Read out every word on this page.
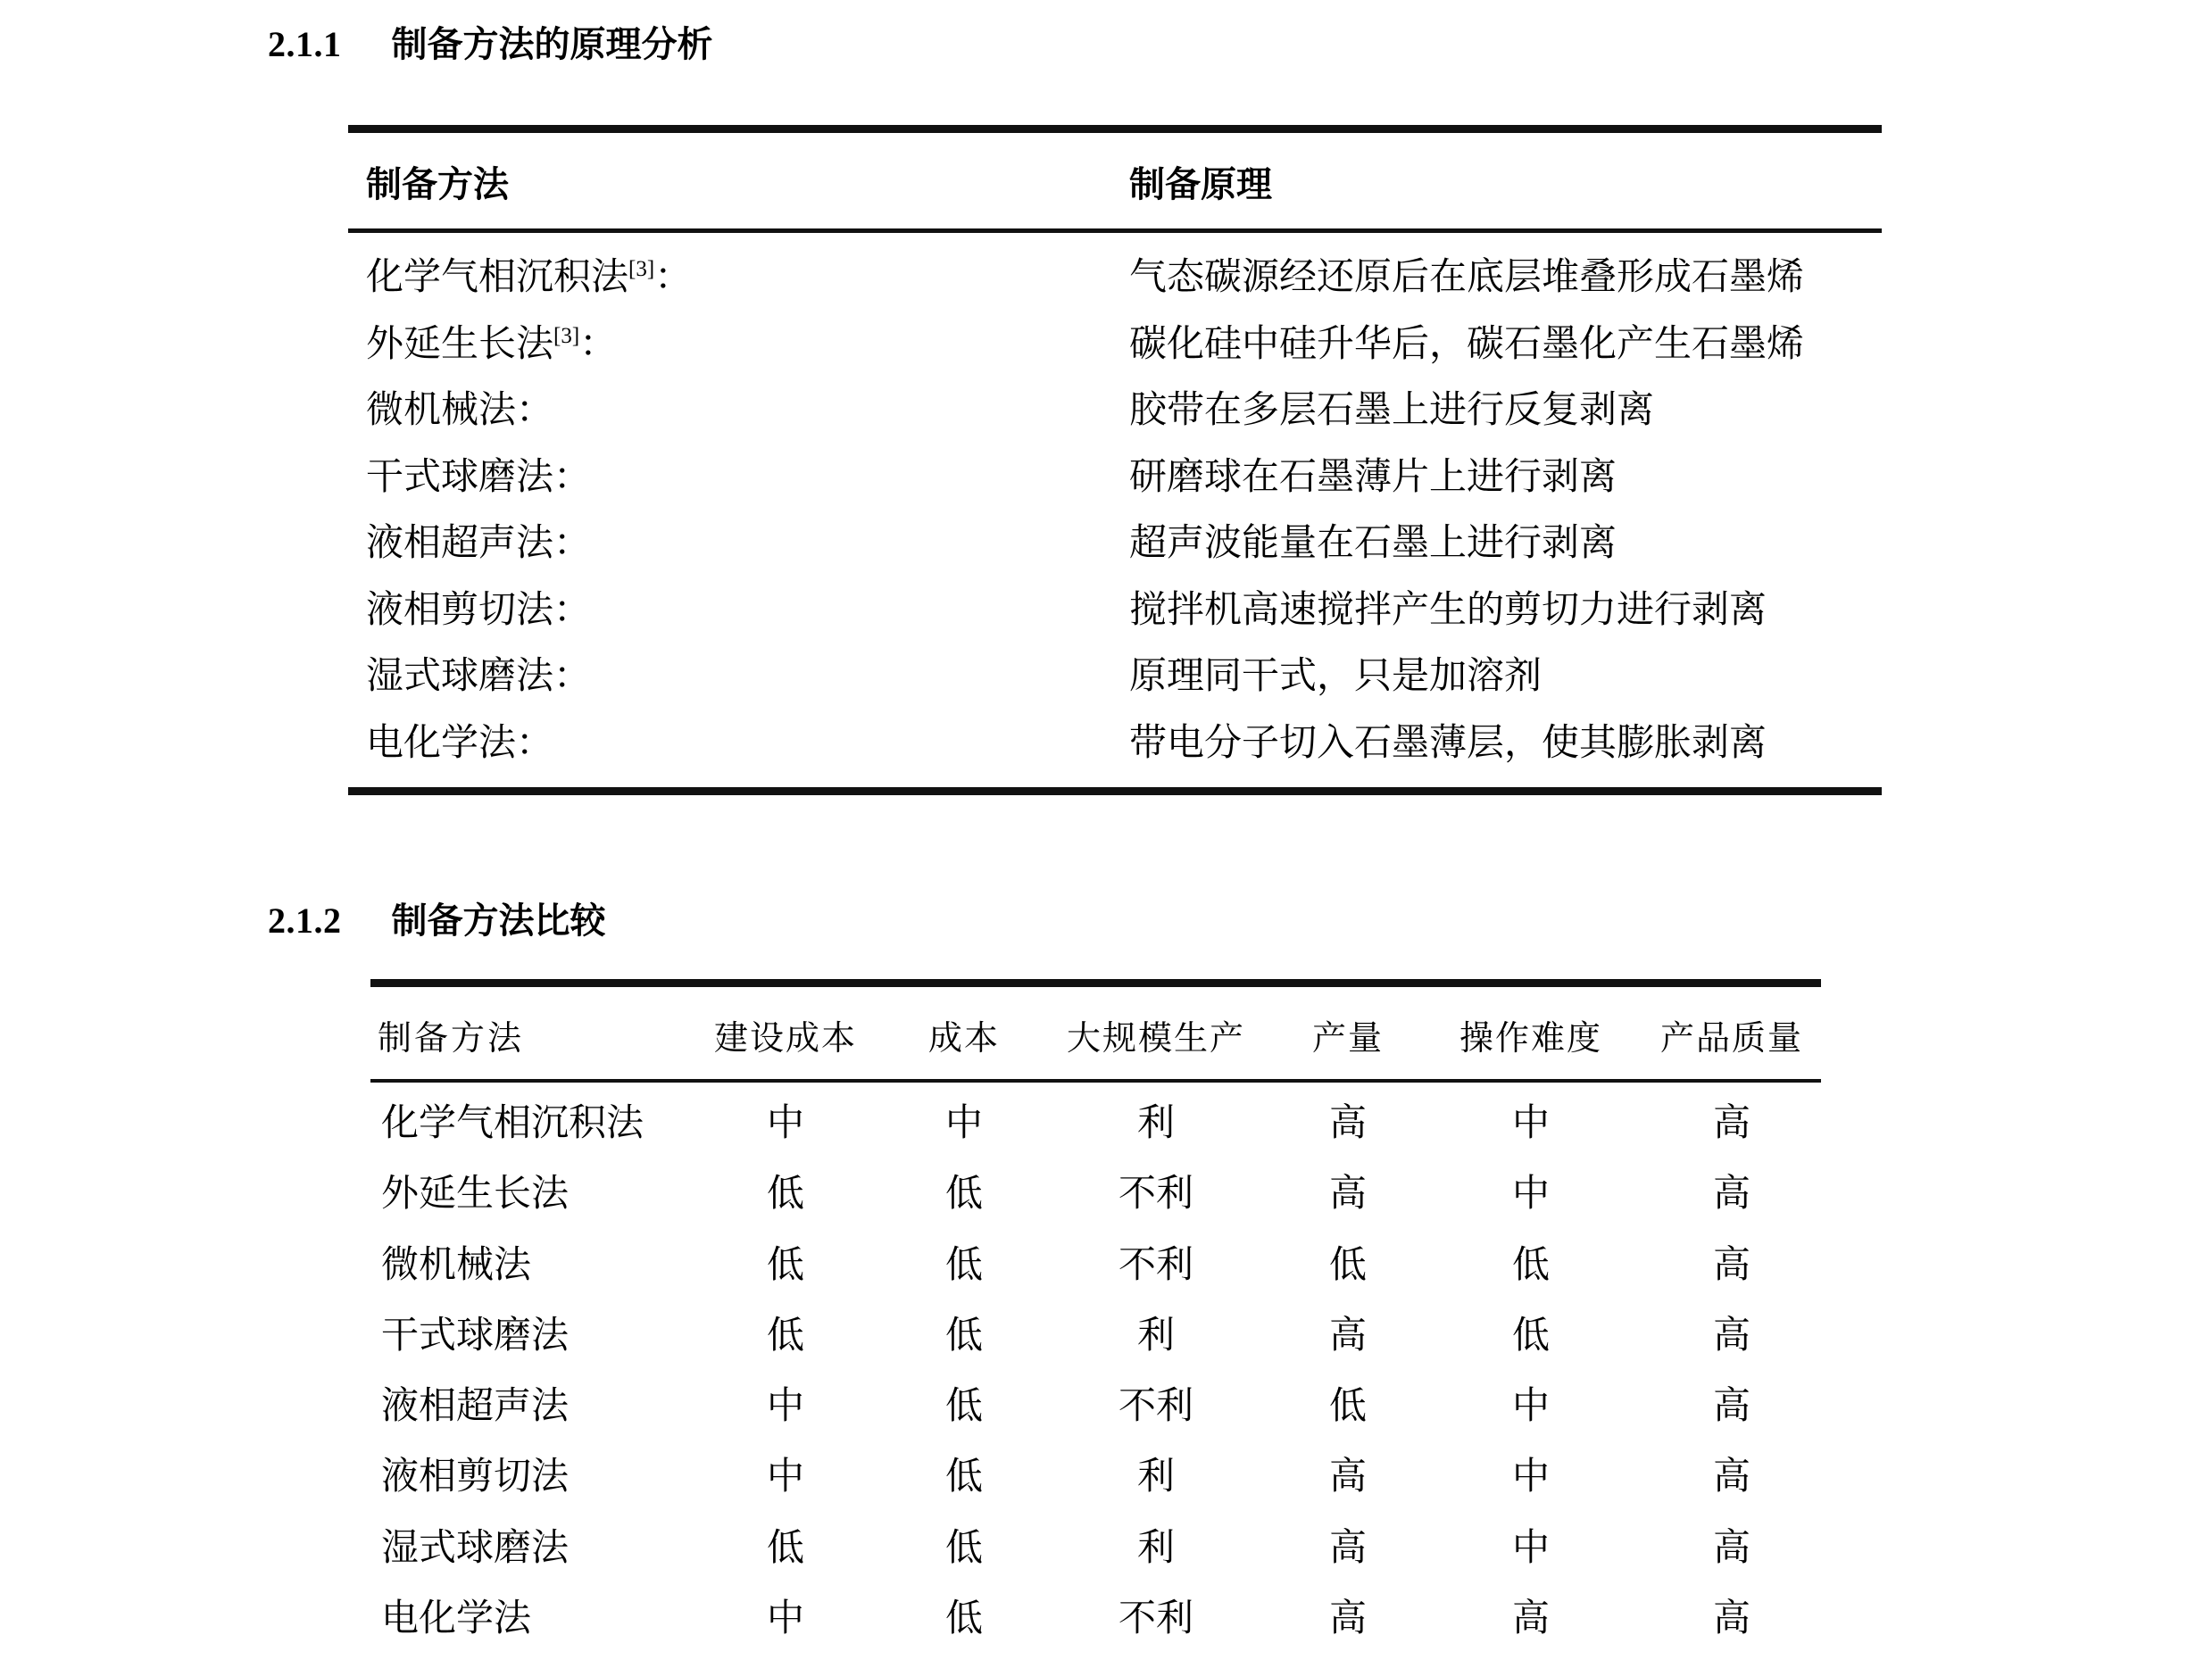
2.1.1 制备方法的原理分析
制备方法	制备原理
化学气相沉积法[3]：	气态碳源经还原后在底层堆叠形成石墨烯
外延生长法[3]：	碳化硅中硅升华后，碳石墨化产生石墨烯
微机械法：	胶带在多层石墨上进行反复剥离
干式球磨法：	研磨球在石墨薄片上进行剥离
液相超声法：	超声波能量在石墨上进行剥离
液相剪切法：	搅拌机高速搅拌产生的剪切力进行剥离
湿式球磨法：	原理同干式，只是加溶剂
电化学法：	带电分子切入石墨薄层，使其膨胀剥离
2.1.2 制备方法比较
制备方法	建设成本	成本	大规模生产	产量	操作难度	产品质量
化学气相沉积法	中	中	利	高	中	高
外延生长法	低	低	不利	高	中	高
微机械法	低	低	不利	低	低	高
干式球磨法	低	低	利	高	低	高
液相超声法	中	低	不利	低	中	高
液相剪切法	中	低	利	高	中	高
湿式球磨法	低	低	利	高	中	高
电化学法	中	低	不利	高	高	高
